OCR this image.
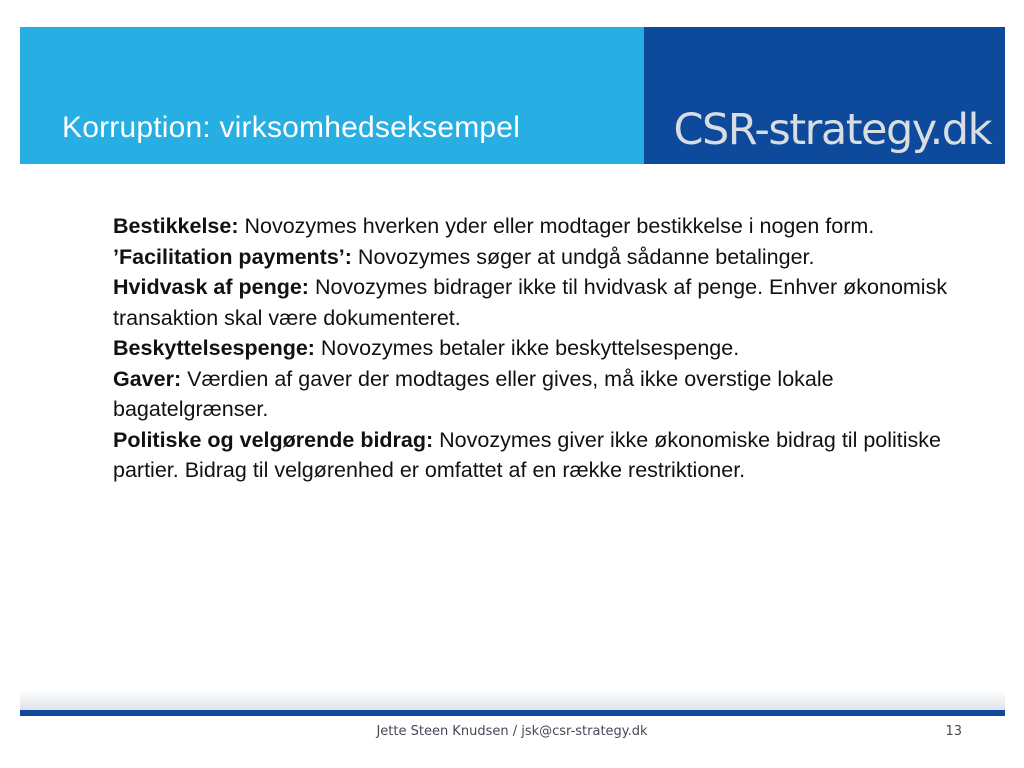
Korruption: virksomhedseksempel	CSR-strategy.dk

Bestikkelse: Novozymes hverken yder eller modtager bestikkelse i nogen form.

’Facilitation payments’: Novozymes søger at undgå sådanne betalinger.

Hvidvask af penge: Novozymes bidrager ikke til hvidvask af penge. Enhver økonomisk transaktion skal være dokumenteret.

Beskyttelsespenge: Novozymes betaler ikke beskyttelsespenge.

Gaver: Værdien af gaver der modtages eller gives, må ikke overstige lokale bagatelgrænser.

Politiske og velgørende bidrag: Novozymes giver ikke økonomiske bidrag til politiske partier. Bidrag til velgørenhed er omfattet af en række restriktioner.

Jette Steen Knudsen / jsk@csr-strategy.dk	13
